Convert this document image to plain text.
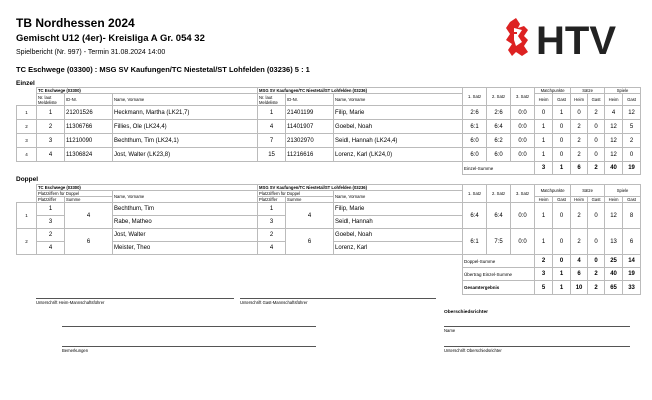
TB Nordhessen 2024
Gemischt U12 (4er)- Kreisliga A Gr. 054 32
Spielbericht (Nr. 997) - Termin 31.08.2024 14:00
TC Eschwege (03300) : MSG SV Kaufungen/TC Niestetal/ST Lohfelden (03236) 5 : 1
HTV
Einzel
	TC Eschwege (03300)			MSG SV Kaufungen/TC Niestetal/ST Lohfelden (03236)			1. Satz	2. Satz	3. Satz	Matchpunkte		Sätze		Spiele	
	Nr. laut Meldeliste	ID-Nr.	Name, Vorname	Nr. laut Meldeliste	ID-Nr.	Name, Vorname				Heim	Gast	Heim	Gast	Heim	Gast
1	1	21201526	Heckmann, Martha (LK21,7)	1	21401199	Filip, Marie	2:6	2:6	0:0	0	1	0	2	4	12
2	2	11306766	Fillies, Ole (LK24,4)	4	11401907	Goebel, Noah	6:1	6:4	0:0	1	0	2	0	12	5
3	3	11210090	Bechthum, Tim (LK24,1)	7	21302970	Seidl, Hannah (LK24,4)	6:0	6:2	0:0	1	0	2	0	12	2
4	4	11306824	Jost, Walter (LK23,8)	15	11216616	Lorenz, Karl (LK24,0)	6:0	6:0	0:0	1	0	2	0	12	0
							Einzel-Summe			3	1	6	2	40	19
Doppel
	TC Eschwege (03300)			MSG SV Kaufungen/TC Niestetal/ST Lohfelden (03236)			1. Satz	2. Satz	3. Satz	Matchpunkte		Sätze		Spiele	
	Platzziffern für Doppel		Name, Vorname	Platzziffern für Doppel		Name, Vorname									
	Platzziffer	Summe		Platzziffer	Summe					Heim	Gast	Heim	Gast	Heim	Gast
1	1	4	Bechthum, Tim	1	4	Filip, Marie	6:4	6:4	0:0	1	0	2	0	12	8
	3		Rabe, Matheo	3		Seidl, Hannah									
2	2	6	Jost, Walter	2	6	Goebel, Noah	6:1	7:5	0:0	1	0	2	0	13	6
	4		Meister, Theo	4		Lorenz, Karl									
							Doppel-Summe			2	0	4	0	25	14
							Übertrag Einzel-Summe			3	1	6	2	40	19
							Gesamtergebnis			5	1	10	2	65	33
Unterschrift Heim-Mannschaftsführer	Unterschrift Gast-Mannschaftsführer
Oberschiedsrichter
Name
Unterschrift Oberschiedsrichter
Bemerkungen
